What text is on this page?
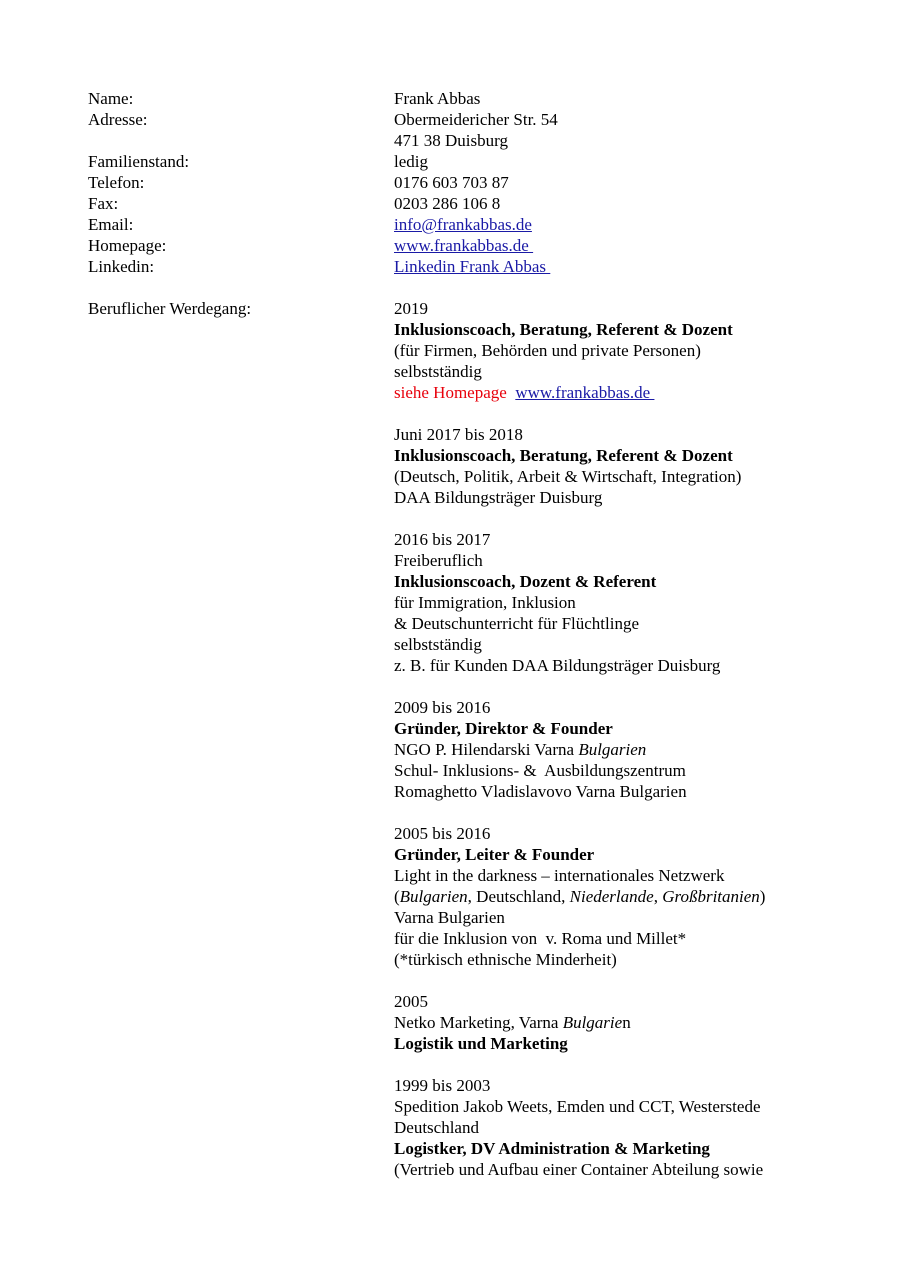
Name:	Frank Abbas
Adresse:	Obermeidericher Str. 54
471 38 Duisburg
Familienstand:	ledig
Telefon:	0176 603 703 87
Fax:	0203 286 106 8
Email:	info@frankabbas.de
Homepage:	www.frankabbas.de
Linkedin:	Linkedin Frank Abbas
Beruflicher Werdegang:	2019
Inklusionscoach, Beratung, Referent & Dozent
(für Firmen, Behörden und private Personen)
selbstständig
siehe Homepage  www.frankabbas.de
Juni 2017 bis 2018
Inklusionscoach, Beratung, Referent & Dozent
(Deutsch, Politik, Arbeit & Wirtschaft, Integration)
DAA Bildungsträger Duisburg
2016 bis 2017
Freiberuflich
Inklusionscoach, Dozent & Referent
für Immigration, Inklusion
& Deutschunterricht für Flüchtlinge
selbstständig
z. B. für Kunden DAA Bildungsträger Duisburg
2009 bis 2016
Gründer, Direktor & Founder
NGO P. Hilendarski Varna Bulgarien
Schul- Inklusions- &  Ausbildungszentrum
Romaghetto Vladislavovo Varna Bulgarien
2005 bis 2016
Gründer, Leiter & Founder
Light in the darkness – internationales Netzwerk
(Bulgarien, Deutschland, Niederlande, Großbritanien)
Varna Bulgarien
für die Inklusion von  v. Roma und Millet*
(*türkisch ethnische Minderheit)
2005
Netko Marketing, Varna Bulgarien
Logistik und Marketing
1999 bis 2003
Spedition Jakob Weets, Emden und CCT, Westerstede
Deutschland
Logistker, DV Administration & Marketing
(Vertrieb und Aufbau einer Container Abteilung sowie
